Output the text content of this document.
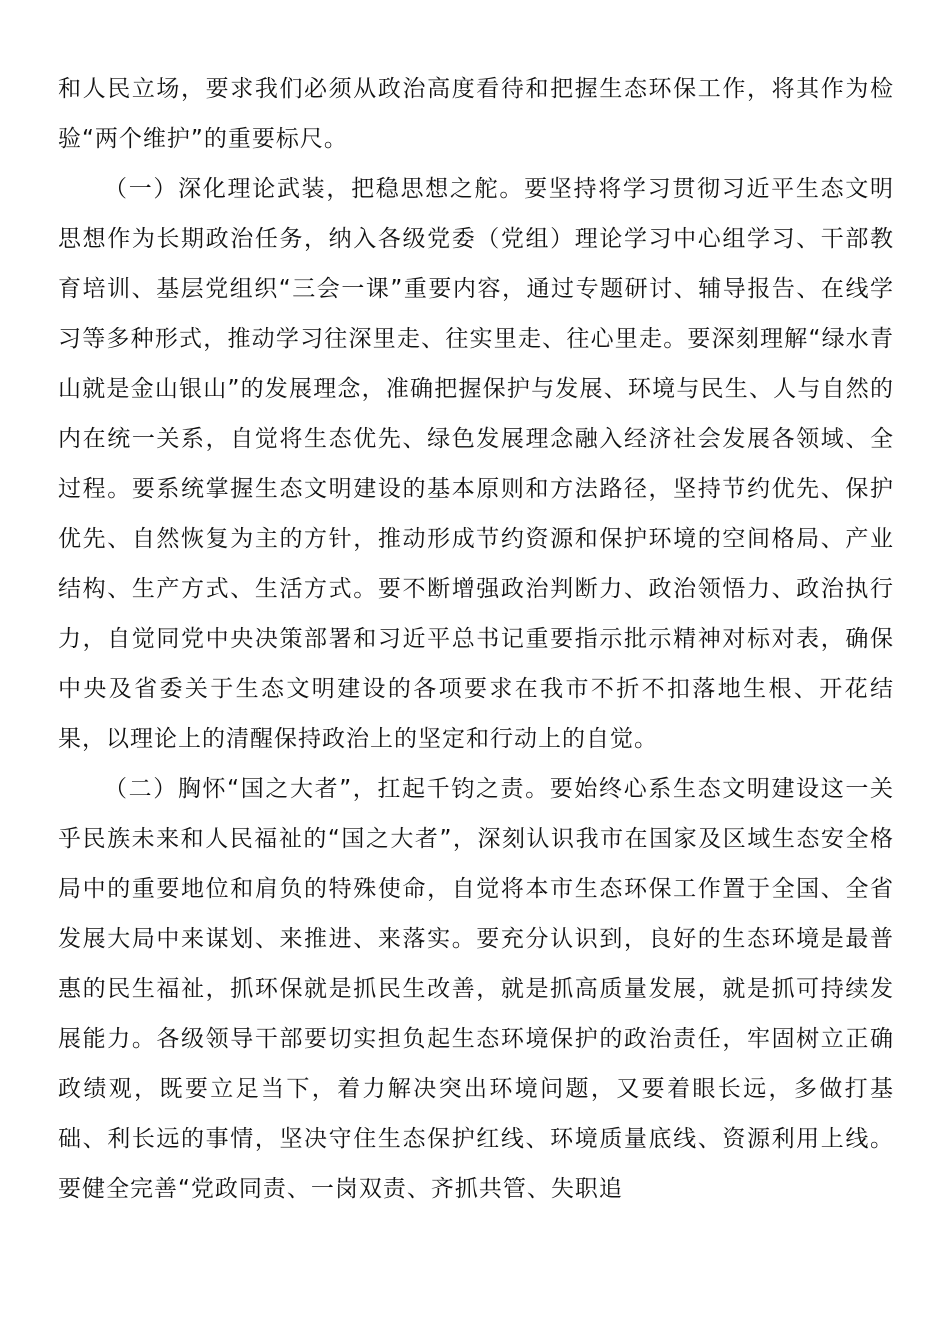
和人民立场，要求我们必须从政治高度看待和把握生态环保工作，将其作为检验“两个维护”的重要标尺。

（一）深化理论武装，把稳思想之舵。要坚持将学习贯彻习近平生态文明思想作为长期政治任务，纳入各级党委（党组）理论学习中心组学习、干部教育培训、基层党组织“三会一课”重要内容，通过专题研讨、辅导报告、在线学习等多种形式，推动学习往深里走、往实里走、往心里走。要深刻理解“绿水青山就是金山银山”的发展理念，准确把握保护与发展、环境与民生、人与自然的内在统一关系，自觉将生态优先、绿色发展理念融入经济社会发展各领域、全过程。要系统掌握生态文明建设的基本原则和方法路径，坚持节约优先、保护优先、自然恢复为主的方针，推动形成节约资源和保护环境的空间格局、产业结构、生产方式、生活方式。要不断增强政治判断力、政治领悟力、政治执行力，自觉同党中央决策部署和习近平总书记重要指示批示精神对标对表，确保中央及省委关于生态文明建设的各项要求在我市不折不扣落地生根、开花结果，以理论上的清醒保持政治上的坚定和行动上的自觉。

（二）胸怀“国之大者”，扛起千钧之责。要始终心系生态文明建设这一关乎民族未来和人民福祉的“国之大者”，深刻认识我市在国家及区域生态安全格局中的重要地位和肩负的特殊使命，自觉将本市生态环保工作置于全国、全省发展大局中来谋划、来推进、来落实。要充分认识到，良好的生态环境是最普惠的民生福祉，抓环保就是抓民生改善，就是抓高质量发展，就是抓可持续发展能力。各级领导干部要切实担负起生态环境保护的政治责任，牢固树立正确政绩观，既要立足当下，着力解决突出环境问题，又要着眼长远，多做打基础、利长远的事情，坚决守住生态保护红线、环境质量底线、资源利用上线。要健全完善“党政同责、一岗双责、齐抓共管、失职追
